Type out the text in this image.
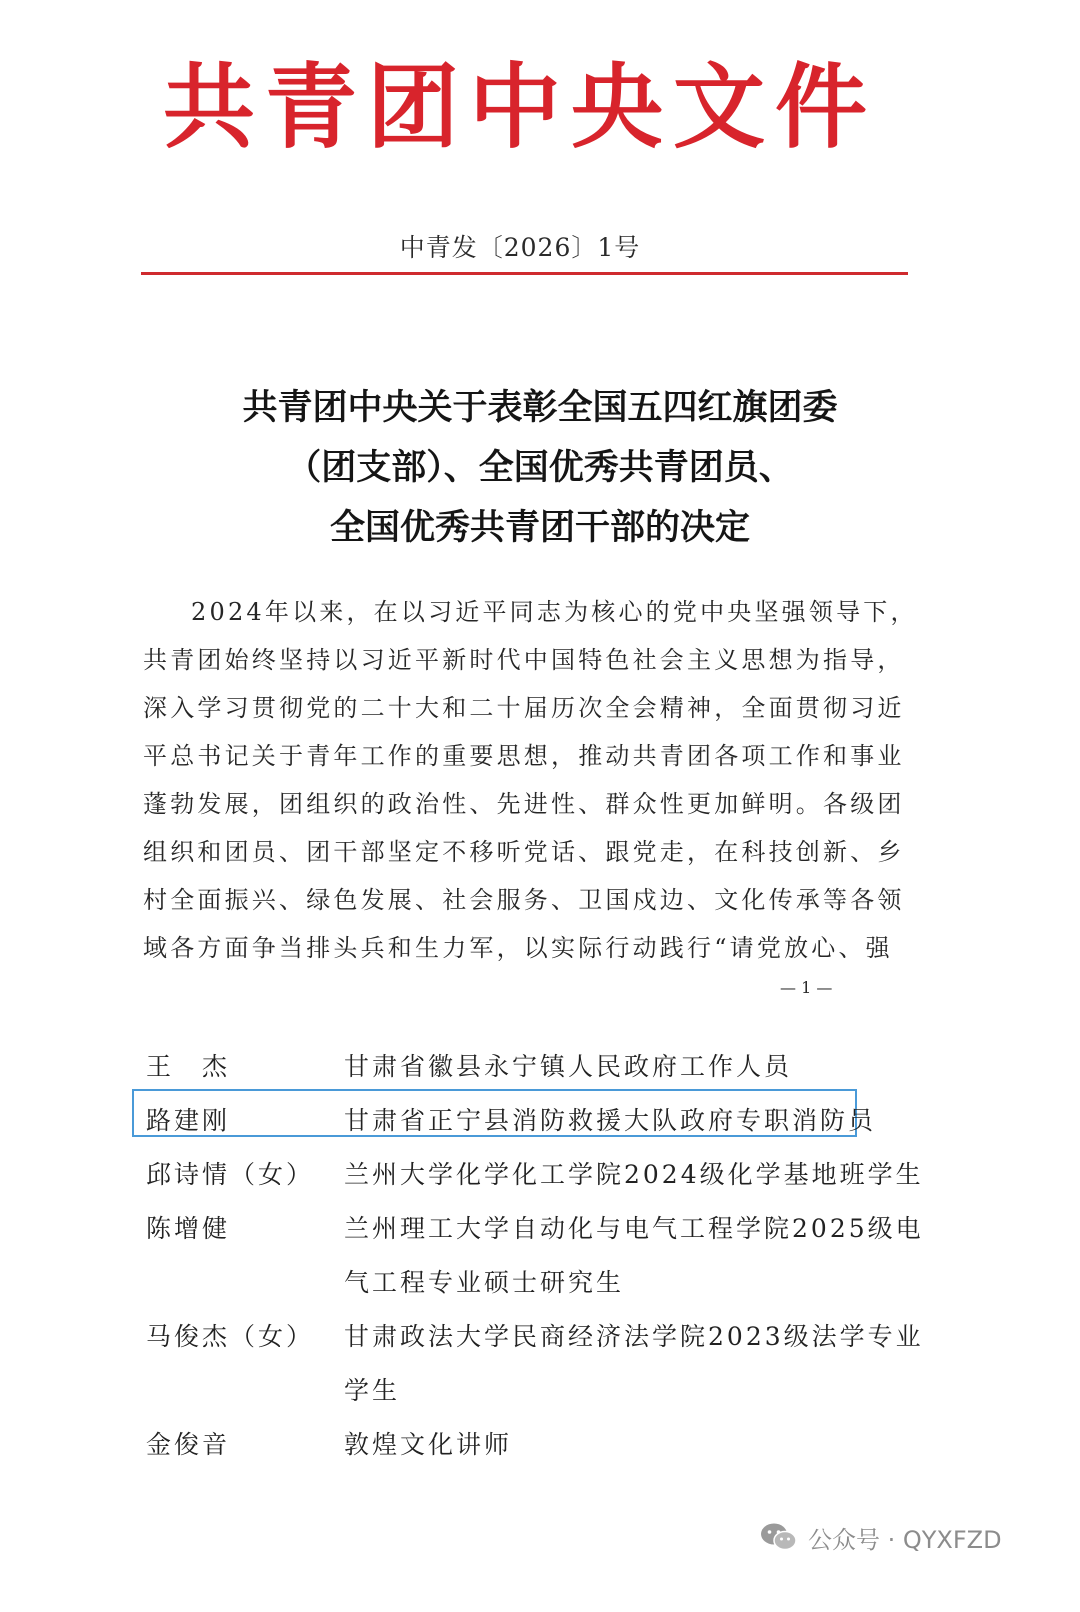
共青团中央文件
中青发〔2026〕1号
共青团中央关于表彰全国五四红旗团委
（团支部）、全国优秀共青团员、
全国优秀共青团干部的决定
2024年以来，在以习近平同志为核心的党中央坚强领导下，
共青团始终坚持以习近平新时代中国特色社会主义思想为指导，
深入学习贯彻党的二十大和二十届历次全会精神，全面贯彻习近
平总书记关于青年工作的重要思想，推动共青团各项工作和事业
蓬勃发展，团组织的政治性、先进性、群众性更加鲜明。各级团
组织和团员、团干部坚定不移听党话、跟党走，在科技创新、乡
村全面振兴、绿色发展、社会服务、卫国戍边、文化传承等各领
域各方面争当排头兵和生力军，以实际行动践行“请党放心、强
— 1 —
王　杰	甘肃省徽县永宁镇人民政府工作人员
路建刚	甘肃省正宁县消防救援大队政府专职消防员
邱诗情（女）	兰州大学化学化工学院2024级化学基地班学生
陈增健	兰州理工大学自动化与电气工程学院2025级电
气工程专业硕士研究生
马俊杰（女）	甘肃政法大学民商经济法学院2023级法学专业
学生
金俊音	敦煌文化讲师
公众号 · QYXFZD
